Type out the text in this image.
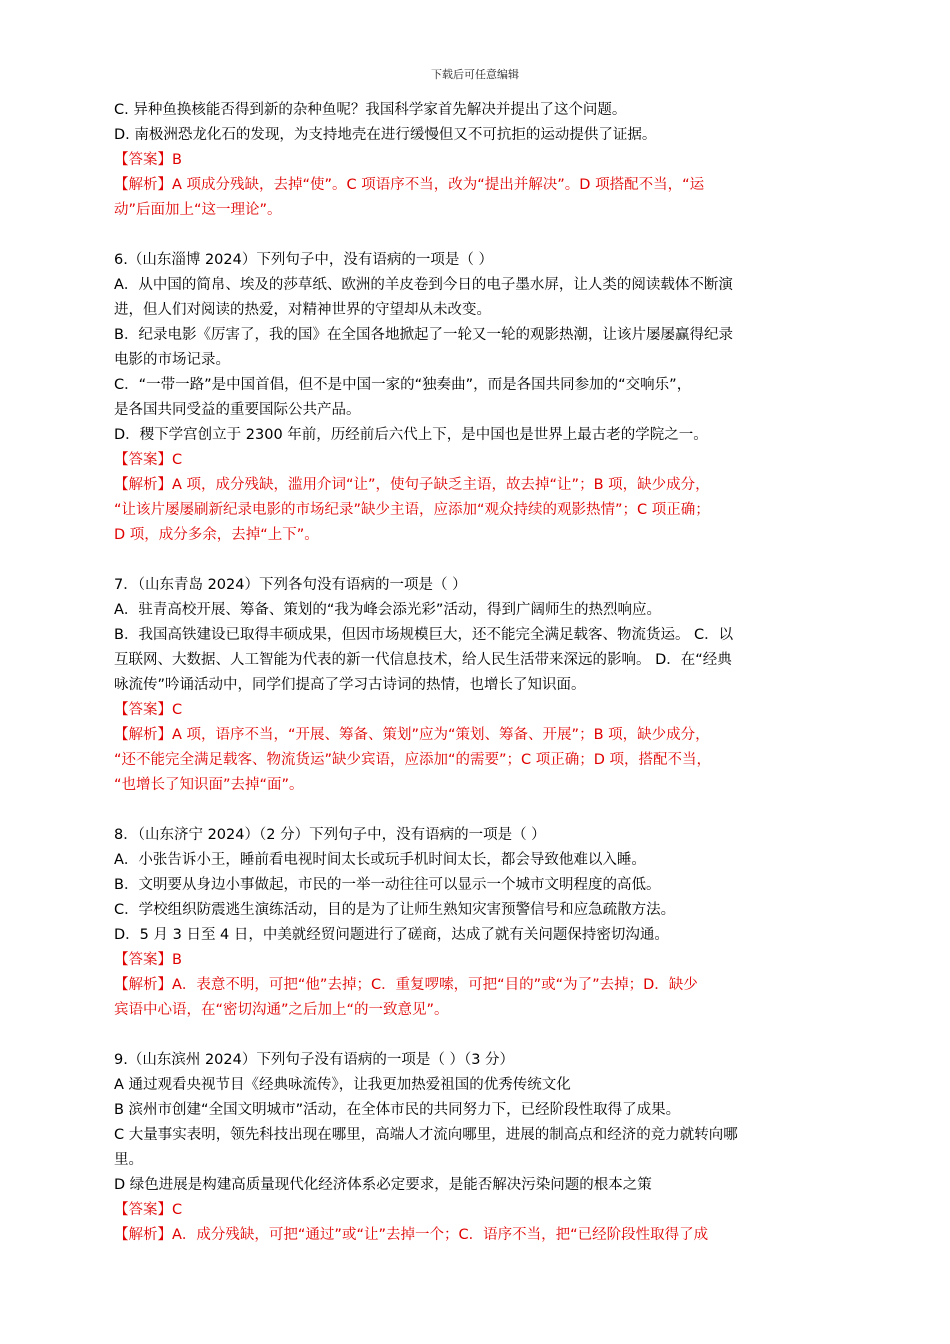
下载后可任意编辑
C. 异种鱼换核能否得到新的杂种鱼呢？我国科学家首先解决并提出了这个问题。
D. 南极洲恐龙化石的发现，为支持地壳在进行缓慢但又不可抗拒的运动提供了证据。
【答案】B
【解析】A 项成分残缺，去掉“使”。C 项语序不当，改为“提出并解决”。D 项搭配不当，“运
动”后面加上“这一理论”。
6.（山东淄博 2024）下列句子中，没有语病的一项是（ ）
A．从中国的简帛、埃及的莎草纸、欧洲的羊皮卷到今日的电子墨水屏，让人类的阅读载体不断演
进，但人们对阅读的热爱，对精神世界的守望却从未改变。
B．纪录电影《厉害了，我的国》在全国各地掀起了一轮又一轮的观影热潮，让该片屡屡赢得纪录
电影的市场记录。
C．“一带一路”是中国首倡，但不是中国一家的“独奏曲”，而是各国共同参加的“交响乐”，
是各国共同受益的重要国际公共产品。
D．稷下学宫创立于 2300 年前，历经前后六代上下，是中国也是世界上最古老的学院之一。
【答案】C
【解析】A 项，成分残缺，滥用介词“让”，使句子缺乏主语，故去掉“让”；B 项，缺少成分，
“让该片屡屡刷新纪录电影的市场纪录”缺少主语，应添加“观众持续的观影热情”；C 项正确；
D 项，成分多余，去掉“上下”。
7．（山东青岛 2024）下列各句没有语病的一项是（ ）
A．驻青高校开展、筹备、策划的“我为峰会添光彩”活动，得到广阔师生的热烈响应。
B．我国高铁建设已取得丰硕成果，但因市场规模巨大，还不能完全满足载客、物流货运。 C．以
互联网、大数据、人工智能为代表的新一代信息技术，给人民生活带来深远的影响。 D．在“经典
咏流传”吟诵活动中，同学们提高了学习古诗词的热情，也增长了知识面。
【答案】C
【解析】A 项，语序不当，“开展、筹备、策划”应为“策划、筹备、开展”；B 项，缺少成分，
“还不能完全满足载客、物流货运”缺少宾语，应添加“的需要”；C 项正确；D 项，搭配不当，
“也增长了知识面”去掉“面”。
8．（山东济宁 2024）（2 分）下列句子中，没有语病的一项是（ ）
A．小张告诉小王，睡前看电视时间太长或玩手机时间太长，都会导致他难以入睡。
B．文明要从身边小事做起，市民的一举一动往往可以显示一个城市文明程度的高低。
C．学校组织防震逃生演练活动，目的是为了让师生熟知灾害预警信号和应急疏散方法。
D．5 月 3 日至 4 日，中美就经贸问题进行了磋商，达成了就有关问题保持密切沟通。
【答案】B
【解析】A．表意不明，可把“他”去掉；C．重复啰嗦，可把“目的”或“为了”去掉；D．缺少
宾语中心语，在“密切沟通”之后加上“的一致意见”。
9.（山东滨州 2024）下列句子没有语病的一项是（ ）（3 分）
A 通过观看央视节目《经典咏流传》，让我更加热爱祖国的优秀传统文化
B 滨州市创建“全国文明城市”活动，在全体市民的共同努力下，已经阶段性取得了成果。
C 大量事实表明，领先科技出现在哪里，高端人才流向哪里，进展的制高点和经济的竞力就转向哪
里。
D 绿色进展是构建高质量现代化经济体系必定要求，是能否解决污染问题的根本之策
【答案】C
【解析】A．成分残缺，可把“通过”或“让”去掉一个；C．语序不当，把“已经阶段性取得了成
